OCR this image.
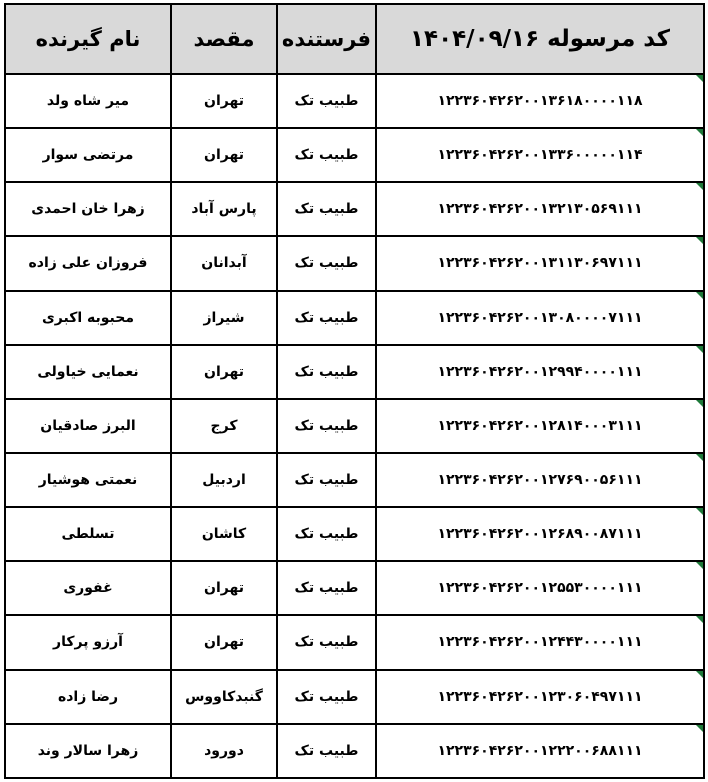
کد مرسوله ۱۴۰۴/۰۹/۱۶	فرستنده	مقصد	نام گیرنده

۱۲۲۳۶۰۴۲۶۲۰۰۱۳۶۱۸۰۰۰۰۱۱۸	طبیب تک	تهران	میر شاه ولد

۱۲۲۳۶۰۴۲۶۲۰۰۱۳۳۶۰۰۰۰۰۱۱۴	طبیب تک	تهران	مرتضی سوار

۱۲۲۳۶۰۴۲۶۲۰۰۱۳۲۱۳۰۵۶۹۱۱۱	طبیب تک	پارس آباد	زهرا خان احمدی

۱۲۲۳۶۰۴۲۶۲۰۰۱۳۱۱۳۰۶۹۷۱۱۱	طبیب تک	آبدانان	فروزان علی زاده

۱۲۲۳۶۰۴۲۶۲۰۰۱۳۰۸۰۰۰۰۷۱۱۱	طبیب تک	شیراز	محبوبه اکبری

۱۲۲۳۶۰۴۲۶۲۰۰۱۲۹۹۴۰۰۰۰۱۱۱	طبیب تک	تهران	نعمایی خیاولی

۱۲۲۳۶۰۴۲۶۲۰۰۱۲۸۱۴۰۰۰۳۱۱۱	طبیب تک	کرج	البرز صادقیان

۱۲۲۳۶۰۴۲۶۲۰۰۱۲۷۶۹۰۰۵۶۱۱۱	طبیب تک	اردبیل	نعمتی هوشیار

۱۲۲۳۶۰۴۲۶۲۰۰۱۲۶۸۹۰۰۸۷۱۱۱	طبیب تک	کاشان	تسلطی

۱۲۲۳۶۰۴۲۶۲۰۰۱۲۵۵۳۰۰۰۰۱۱۱	طبیب تک	تهران	غفوری

۱۲۲۳۶۰۴۲۶۲۰۰۱۲۴۴۳۰۰۰۰۱۱۱	طبیب تک	تهران	آرزو پرکار

۱۲۲۳۶۰۴۲۶۲۰۰۱۲۳۰۶۰۴۹۷۱۱۱	طبیب تک	گنبدکاووس	رضا زاده

۱۲۲۳۶۰۴۲۶۲۰۰۱۲۲۲۰۰۶۸۸۱۱۱	طبیب تک	دورود	زهرا سالار وند
